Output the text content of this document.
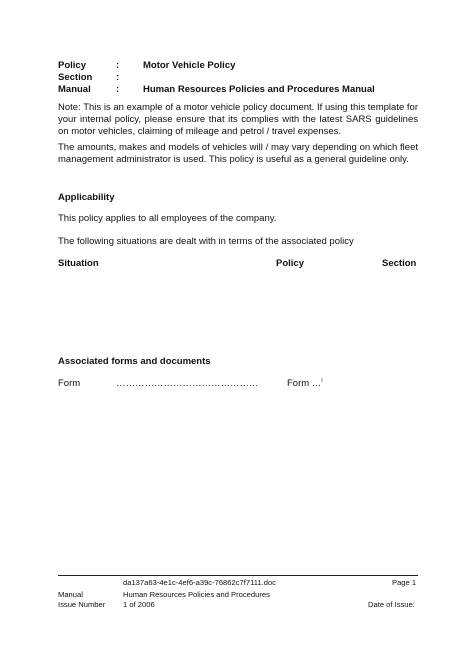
Policy	:	Motor Vehicle Policy
Section :
Manual	:	Human Resources Policies and Procedures Manual
Note: This is an example of a motor vehicle policy document. If using this template for your internal policy, please ensure that its complies with the latest SARS guidelines on motor vehicles, claiming of mileage and petrol / travel expenses.
The amounts, makes and models of vehicles will / may vary depending on which fleet management administrator is used. This policy is useful as a general guideline only.
Applicability
This policy applies to all employees of the company.
The following situations are dealt with in terms of the associated policy
Situation	Policy	Section
Associated forms and documents
Form	………………………………………	Form …$^i$
da137a63-4e1c-4ef6-a39c-76862c7f7111.doc	Page 1
Manual	Human Resources Policies and Procedures
Issue Number 1 of 2006	Date of Issue:
